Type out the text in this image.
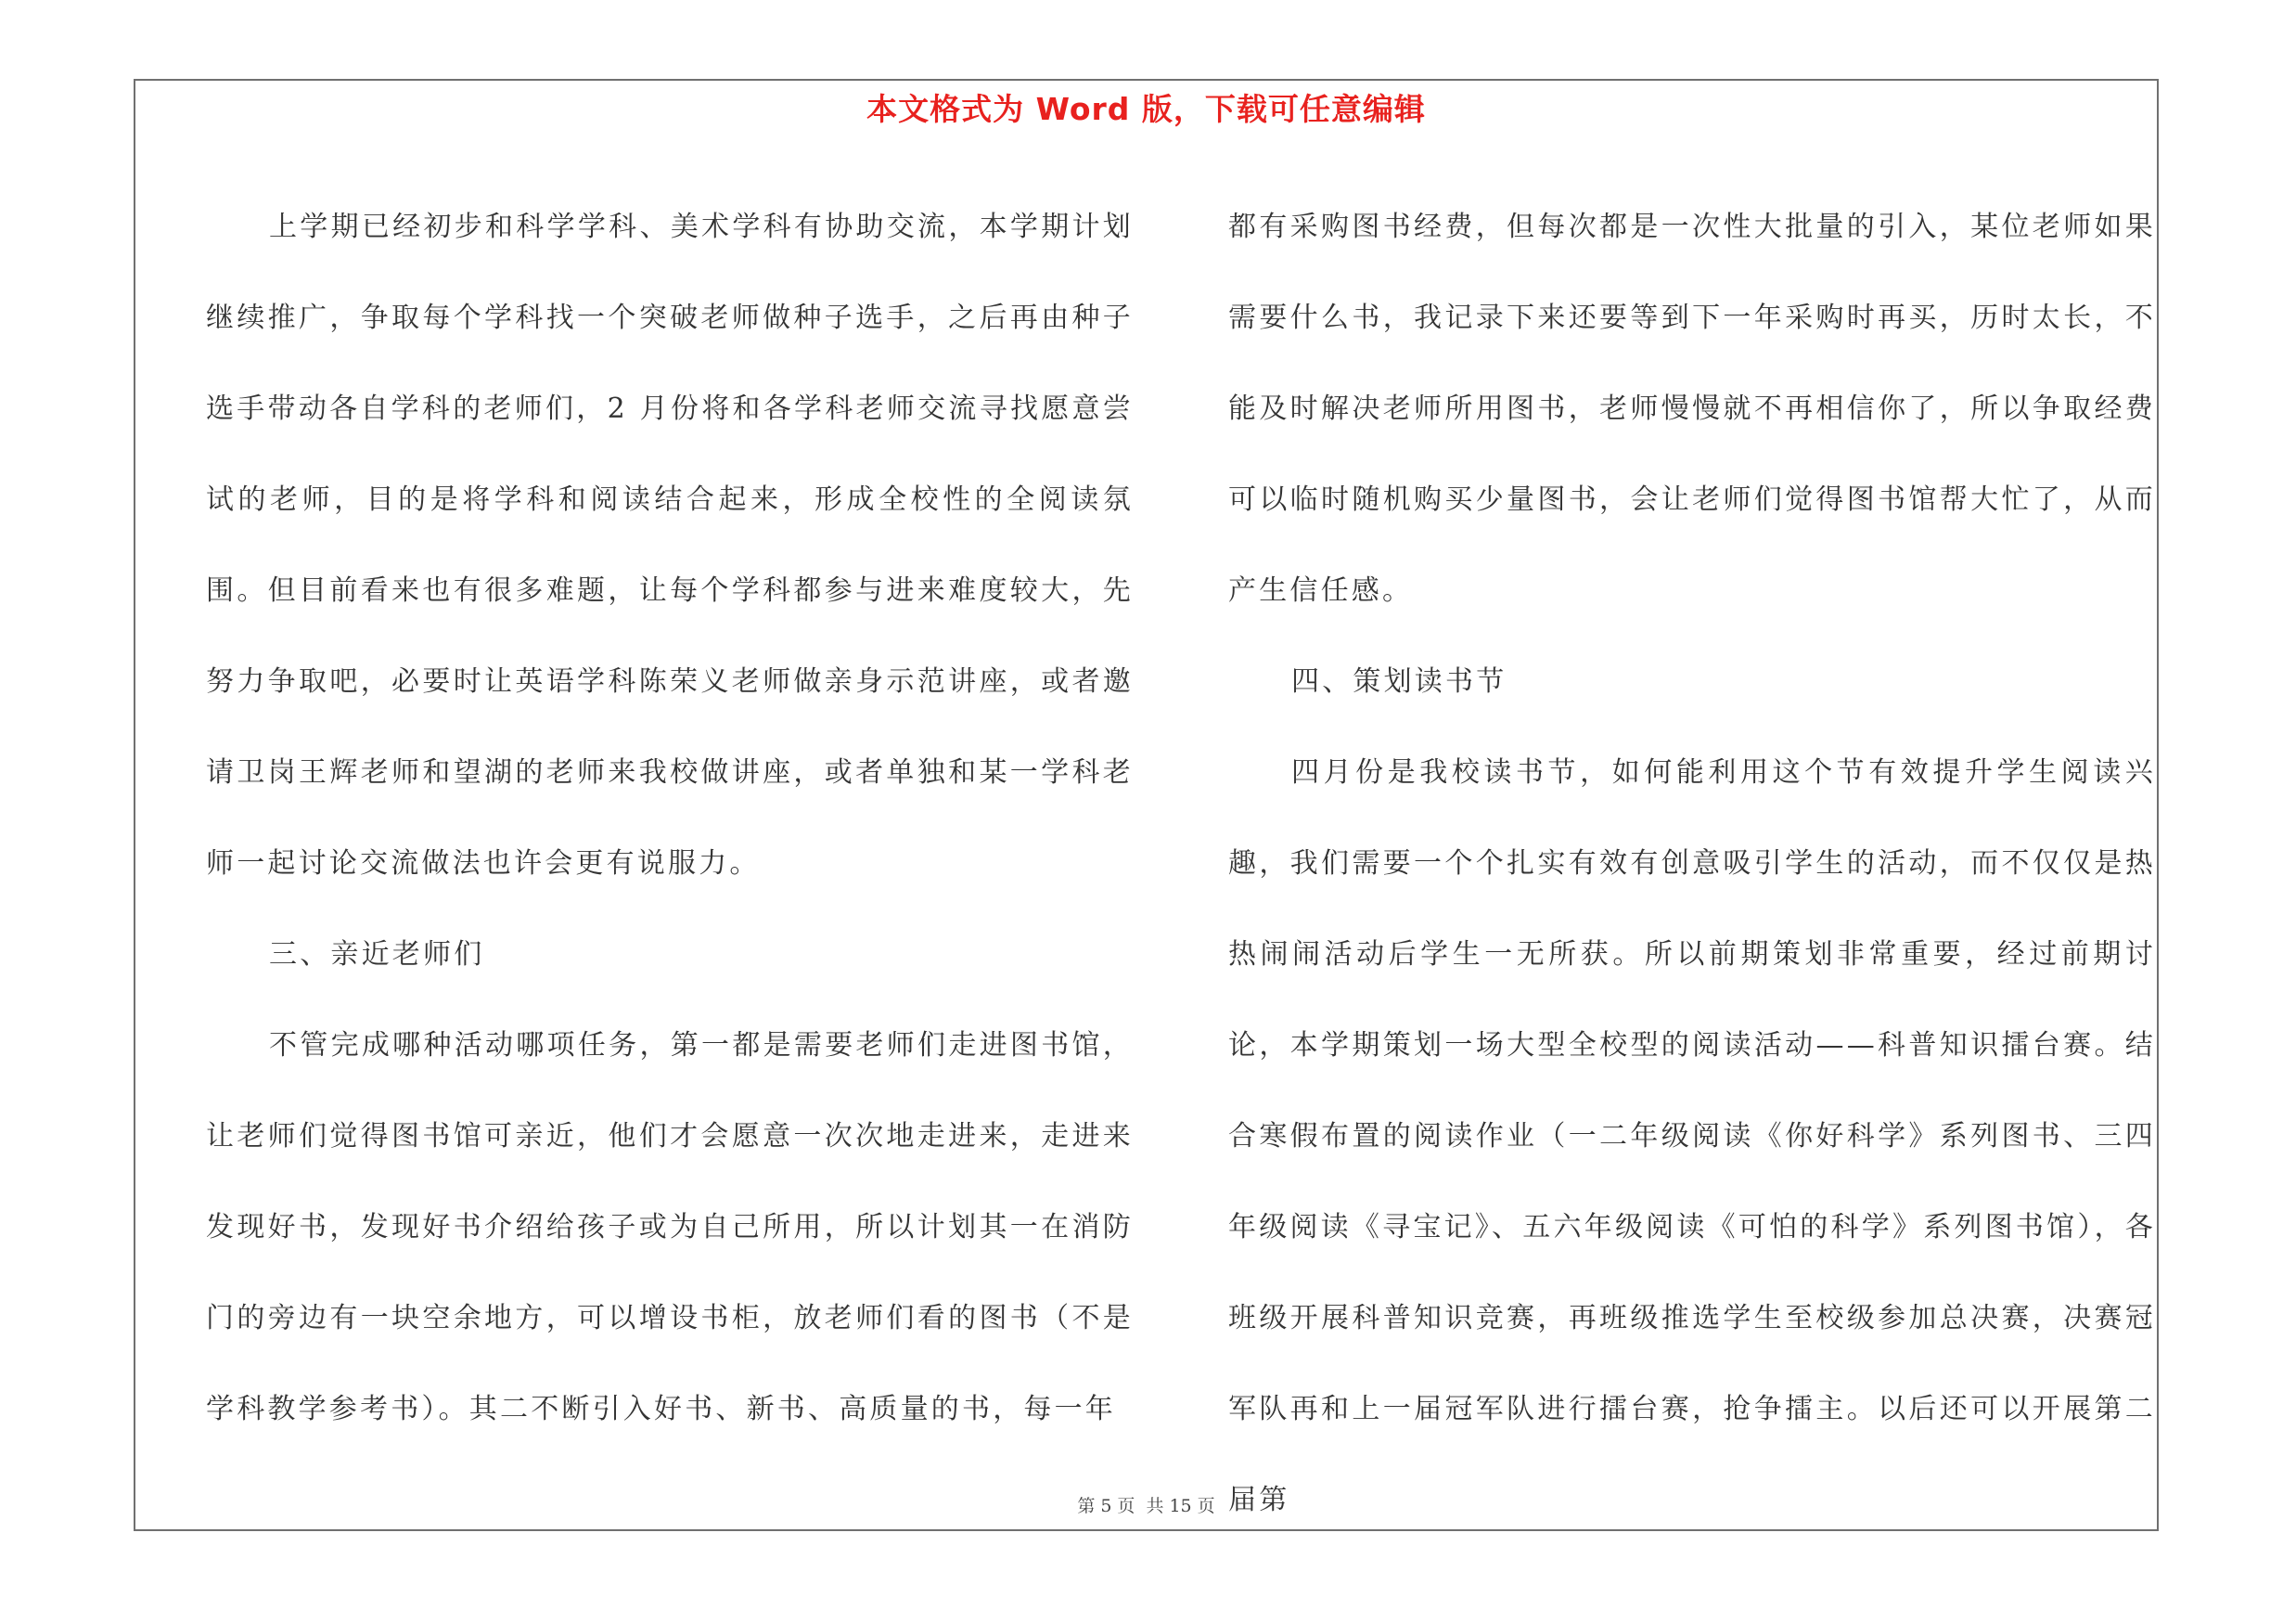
本文格式为 Word 版，下载可任意编辑

上学期已经初步和科学学科、美术学科有协助交流，本学期计划继续推广，争取每个学科找一个突破老师做种子选手，之后再由种子选手带动各自学科的老师们，2 月份将和各学科老师交流寻找愿意尝试的老师，目的是将学科和阅读结合起来，形成全校性的全阅读氛围。但目前看来也有很多难题，让每个学科都参与进来难度较大，先努力争取吧，必要时让英语学科陈荣义老师做亲身示范讲座，或者邀请卫岗王辉老师和望湖的老师来我校做讲座，或者单独和某一学科老师一起讨论交流做法也许会更有说服力。

三、亲近老师们

不管完成哪种活动哪项任务，第一都是需要老师们走进图书馆，让老师们觉得图书馆可亲近，他们才会愿意一次次地走进来，走进来发现好书，发现好书介绍给孩子或为自己所用，所以计划其一在消防门的旁边有一块空余地方，可以增设书柜，放老师们看的图书（不是学科教学参考书）。其二不断引入好书、新书、高质量的书，每一年

都有采购图书经费，但每次都是一次性大批量的引入，某位老师如果需要什么书，我记录下来还要等到下一年采购时再买，历时太长，不能及时解决老师所用图书，老师慢慢就不再相信你了，所以争取经费可以临时随机购买少量图书，会让老师们觉得图书馆帮大忙了，从而产生信任感。

四、策划读书节

四月份是我校读书节，如何能利用这个节有效提升学生阅读兴趣，我们需要一个个扎实有效有创意吸引学生的活动，而不仅仅是热热闹闹活动后学生一无所获。所以前期策划非常重要，经过前期讨论，本学期策划一场大型全校型的阅读活动——科普知识擂台赛。结合寒假布置的阅读作业（一二年级阅读《你好科学》系列图书、三四年级阅读《寻宝记》、五六年级阅读《可怕的科学》系列图书馆），各班级开展科普知识竞赛，再班级推选学生至校级参加总决赛，决赛冠军队再和上一届冠军队进行擂台赛，抢争擂主。以后还可以开展第二届第

第 5 页 共 15 页
